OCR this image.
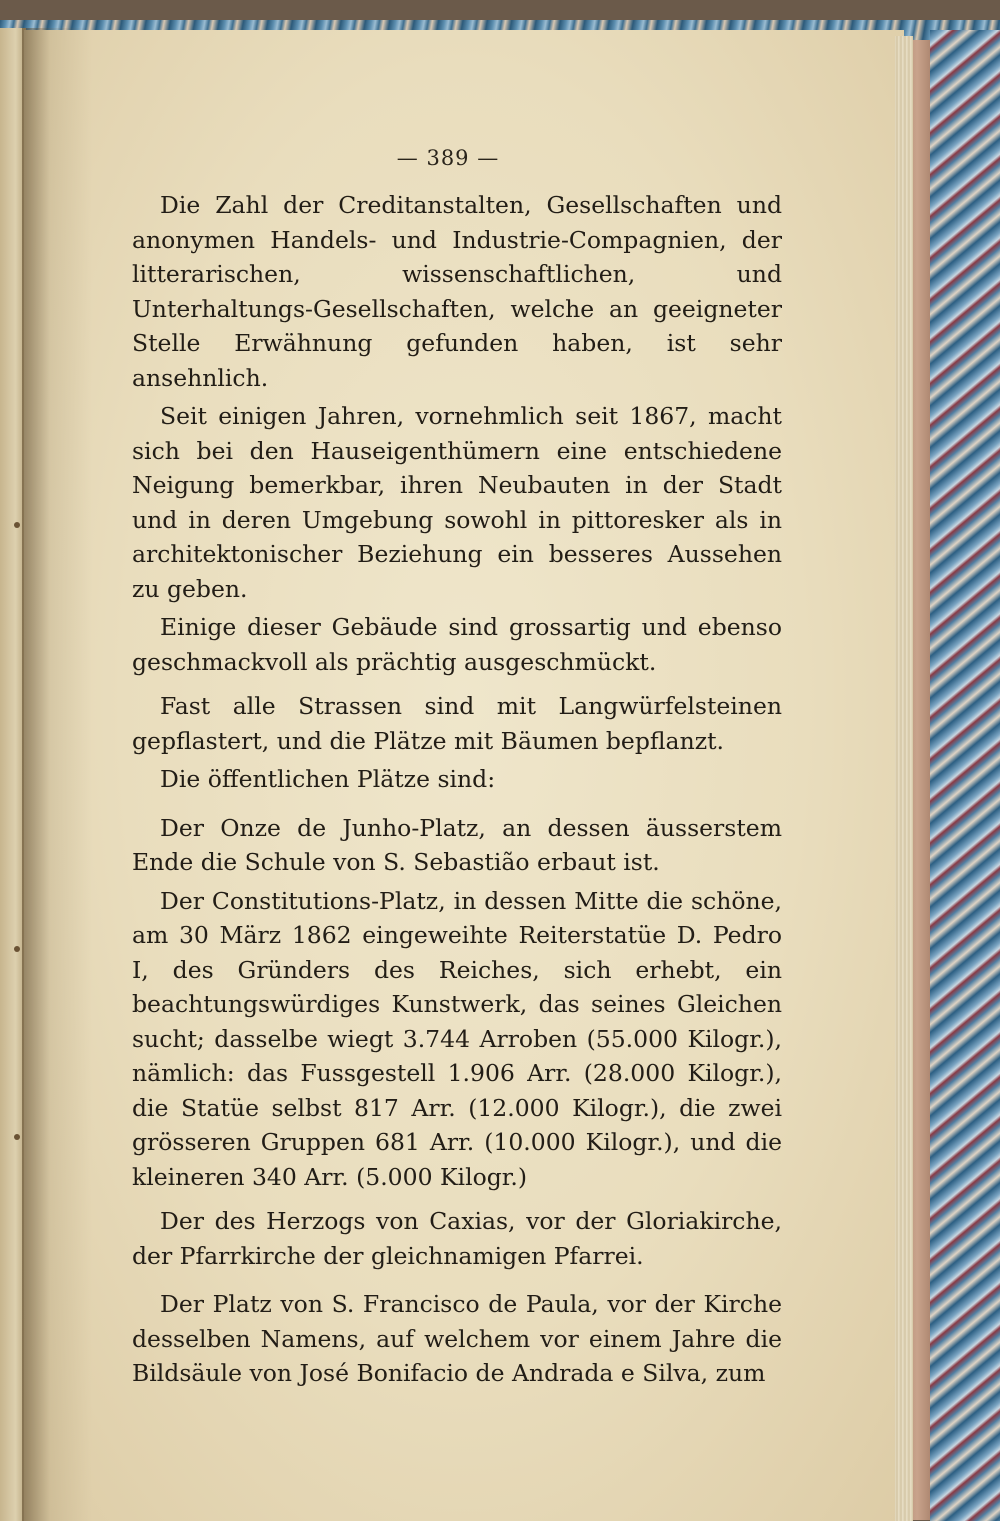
— 389 —

Die Zahl der Creditanstalten, Gesellschaften und anonymen Handels- und Industrie-Compagnien, der litterarischen, wissenschaftlichen, und Unterhaltungs-Gesellschaften, welche an geeigneter Stelle Erwähnung gefunden haben, ist sehr ansehnlich.

Seit einigen Jahren, vornehmlich seit 1867, macht sich bei den Hauseigenthümern eine entschiedene Neigung bemerkbar, ihren Neubauten in der Stadt und in deren Umgebung sowohl in pittoresker als in architektonischer Beziehung ein besseres Aussehen zu geben.

Einige dieser Gebäude sind grossartig und ebenso geschmackvoll als prächtig ausgeschmückt.

Fast alle Strassen sind mit Langwürfelsteinen gepflastert, und die Plätze mit Bäumen bepflanzt.

Die öffentlichen Plätze sind:

Der Onze de Junho-Platz, an dessen äusserstem Ende die Schule von S. Sebastião erbaut ist.

Der Constitutions-Platz, in dessen Mitte die schöne, am 30 März 1862 eingeweihte Reiterstatüe D. Pedro I, des Gründers des Reiches, sich erhebt, ein beachtungswürdiges Kunstwerk, das seines Gleichen sucht; dasselbe wiegt 3.744 Arroben (55.000 Kilogr.), nämlich: das Fussgestell 1.906 Arr. (28.000 Kilogr.), die Statüe selbst 817 Arr. (12.000 Kilogr.), die zwei grösseren Gruppen 681 Arr. (10.000 Kilogr.), und die kleineren 340 Arr. (5.000 Kilogr.)

Der des Herzogs von Caxias, vor der Gloriakirche, der Pfarrkirche der gleichnamigen Pfarrei.

Der Platz von S. Francisco de Paula, vor der Kirche desselben Namens, auf welchem vor einem Jahre die Bildsäule von José Bonifacio de Andrada e Silva, zum
